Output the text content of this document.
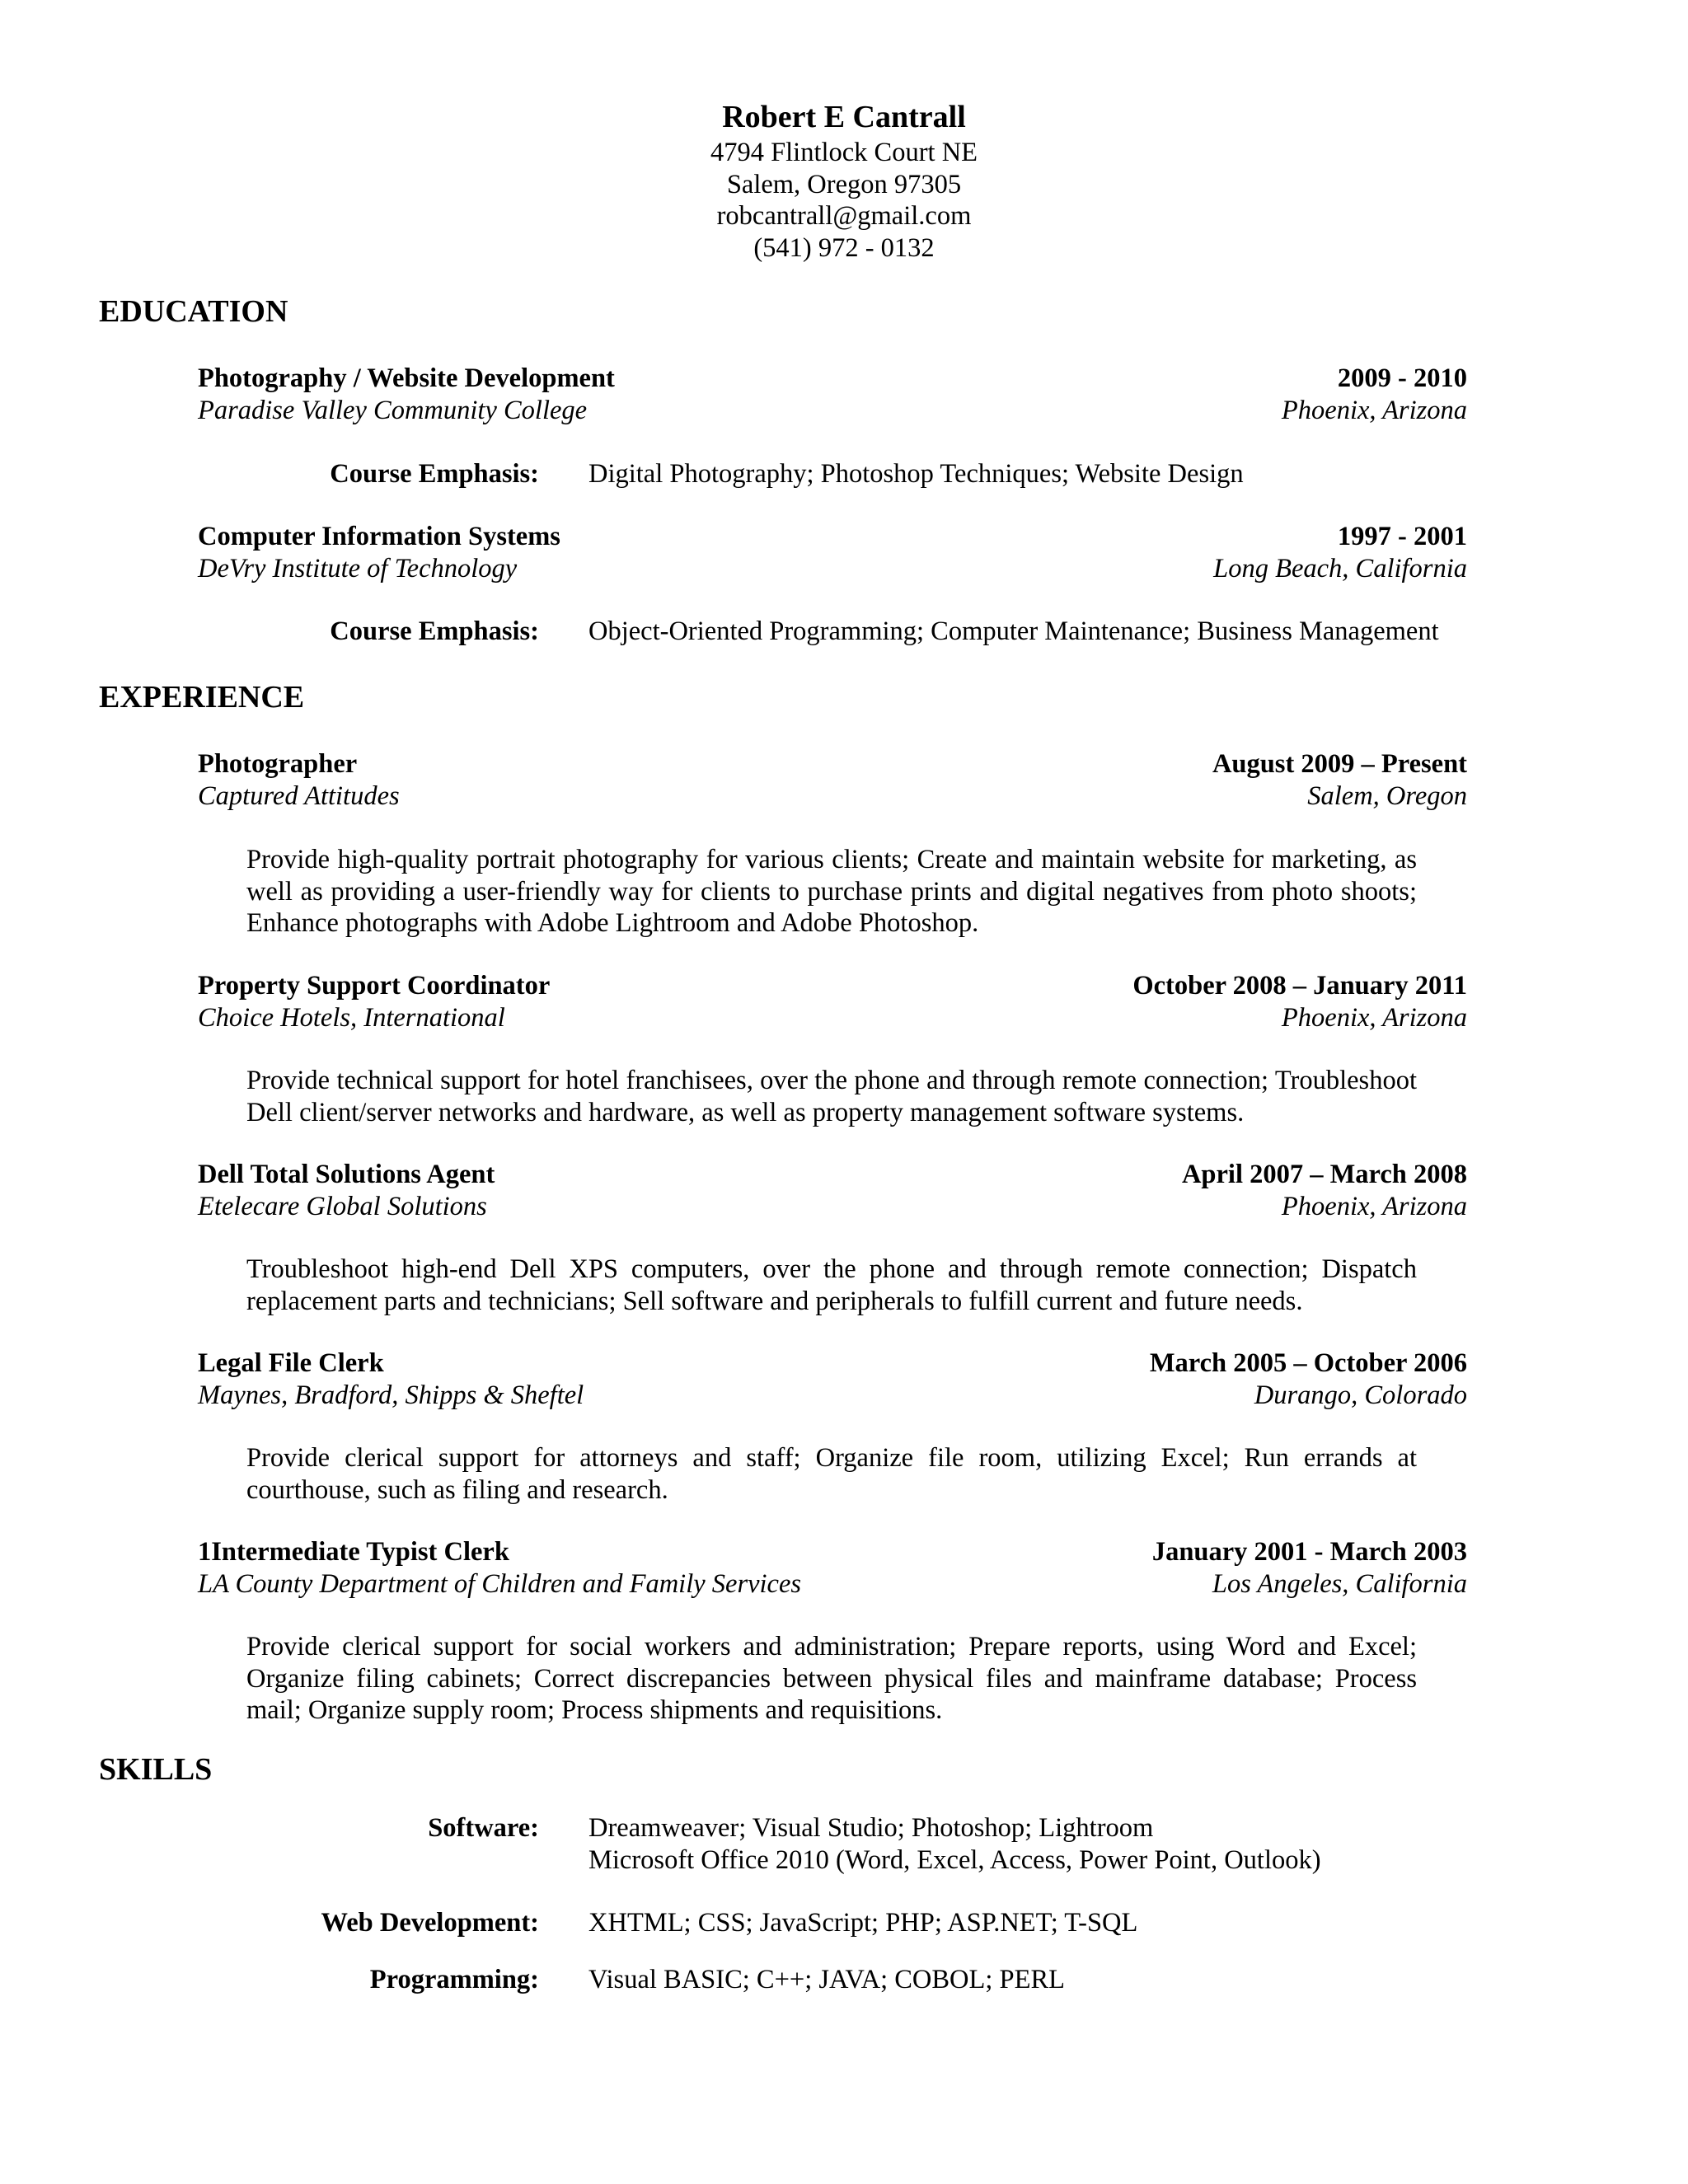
Robert E Cantrall
4794 Flintlock Court NE
Salem, Oregon 97305
robcantrall@gmail.com
(541) 972 - 0132
EDUCATION
Photography / Website Development	2009 - 2010
Paradise Valley Community College	Phoenix, Arizona
Course Emphasis: Digital Photography; Photoshop Techniques; Website Design
Computer Information Systems	1997 - 2001
DeVry Institute of Technology	Long Beach, California
Course Emphasis: Object-Oriented Programming; Computer Maintenance; Business Management
EXPERIENCE
Photographer	August 2009 – Present
Captured Attitudes	Salem, Oregon
Provide high-quality portrait photography for various clients; Create and maintain website for marketing, as well as providing a user-friendly way for clients to purchase prints and digital negatives from photo shoots; Enhance photographs with Adobe Lightroom and Adobe Photoshop.
Property Support Coordinator	October 2008 – January 2011
Choice Hotels, International	Phoenix, Arizona
Provide technical support for hotel franchisees, over the phone and through remote connection; Troubleshoot Dell client/server networks and hardware, as well as property management software systems.
Dell Total Solutions Agent	April 2007 – March 2008
Etelecare Global Solutions	Phoenix, Arizona
Troubleshoot high-end Dell XPS computers, over the phone and through remote connection; Dispatch replacement parts and technicians; Sell software and peripherals to fulfill current and future needs.
Legal File Clerk	March 2005 – October 2006
Maynes, Bradford, Shipps & Sheftel	Durango, Colorado
Provide clerical support for attorneys and staff; Organize file room, utilizing Excel; Run errands at courthouse, such as filing and research.
1Intermediate Typist Clerk	January 2001 - March 2003
LA County Department of Children and Family Services	Los Angeles, California
Provide clerical support for social workers and administration; Prepare reports, using Word and Excel; Organize filing cabinets; Correct discrepancies between physical files and mainframe database; Process mail; Organize supply room; Process shipments and requisitions.
SKILLS
Software: Dreamweaver; Visual Studio; Photoshop; Lightroom
Microsoft Office 2010 (Word, Excel, Access, Power Point, Outlook)
Web Development: XHTML; CSS; JavaScript; PHP; ASP.NET; T-SQL
Programming: Visual BASIC; C++; JAVA; COBOL; PERL
